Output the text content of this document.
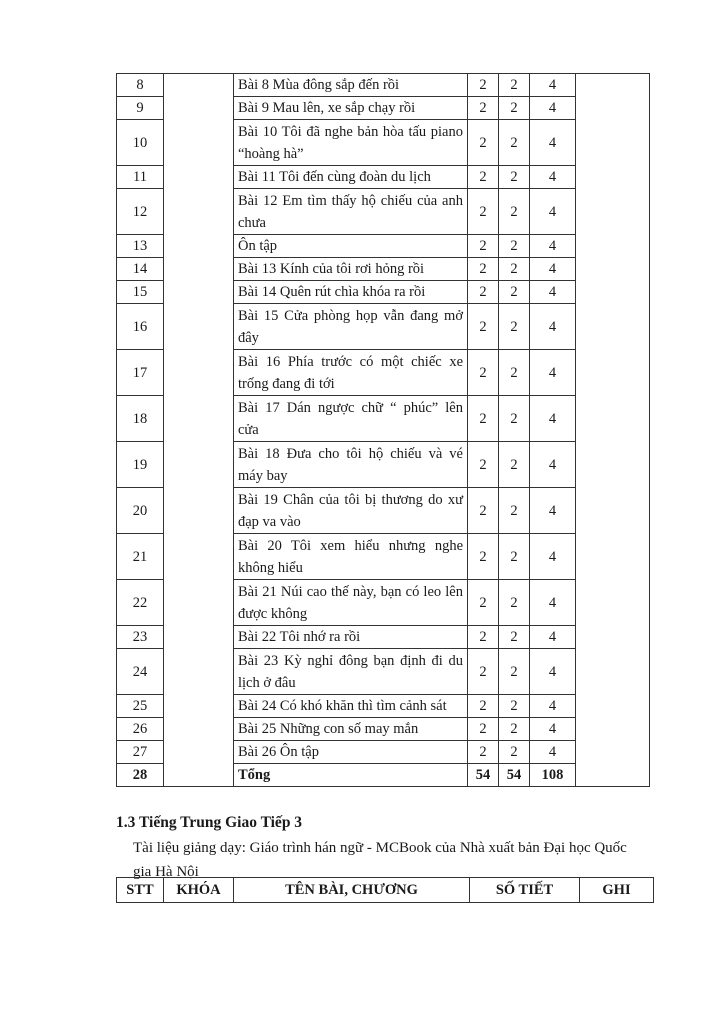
8		Bài 8 Mùa đông sắp đến rồi	2	2	4	
9		Bài 9 Mau lên, xe sắp chạy rồi	2	2	4	
10		Bài 10 Tôi đã nghe bản hòa tấu piano “hoàng hà”	2	2	4	
11		Bài 11 Tôi đến cùng đoàn du lịch	2	2	4	
12		Bài 12 Em tìm thấy hộ chiếu của anh chưa	2	2	4	
13		Ôn tập	2	2	4	
14		Bài 13 Kính của tôi rơi hỏng rồi	2	2	4	
15		Bài 14 Quên rút chìa khóa ra rồi	2	2	4	
16		Bài 15 Cửa phòng họp vẫn đang mở đây	2	2	4	
17		Bài 16 Phía trước có một chiếc xe trống đang đi tới	2	2	4	
18		Bài 17 Dán ngược chữ “ phúc” lên cửa	2	2	4	
19		Bài 18 Đưa cho tôi hộ chiếu và vé máy bay	2	2	4	
20		Bài 19 Chân của tôi bị thương do xư đạp va vào	2	2	4	
21		Bài 20 Tôi xem hiểu nhưng nghe không hiểu	2	2	4	
22		Bài 21 Núi cao thế này, bạn có leo lên được không	2	2	4	
23		Bài 22 Tôi nhớ ra rồi	2	2	4	
24		Bài 23 Kỳ nghỉ đông bạn định đi du lịch ở đâu	2	2	4	
25		Bài 24 Có khó khăn thì tìm cảnh sát	2	2	4	
26		Bài 25 Những con số may mắn	2	2	4	
27		Bài 26 Ôn tập	2	2	4	
28		Tổng	54	54	108	
1.3 Tiếng Trung Giao Tiếp 3

Tài liệu giảng dạy: Giáo trình hán ngữ - MCBook của Nhà xuất bản Đại học Quốc gia Hà Nội

STT	KHÓA	TÊN BÀI, CHƯƠNG	SỐ TIẾT	GHI
